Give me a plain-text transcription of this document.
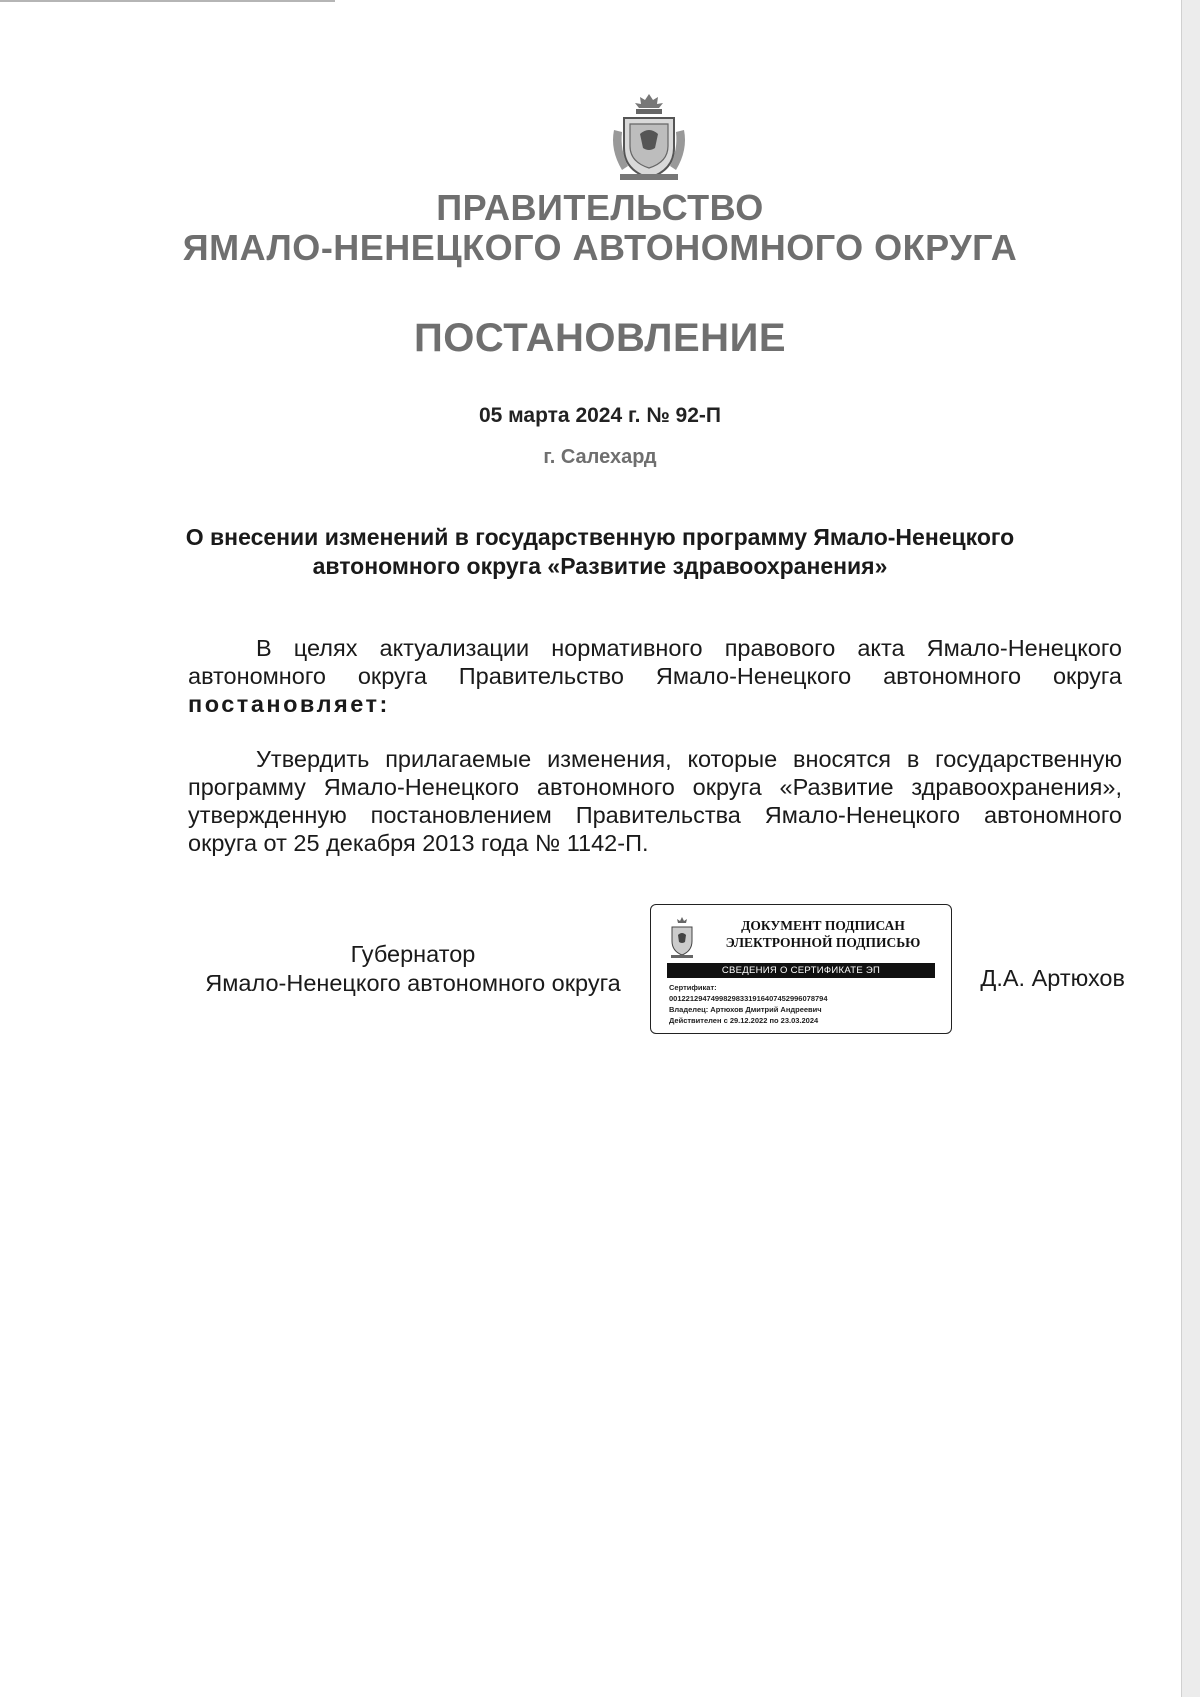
ПРАВИТЕЛЬСТВО
ЯМАЛО-НЕНЕЦКОГО АВТОНОМНОГО ОКРУГА
ПОСТАНОВЛЕНИЕ
05 марта 2024 г. № 92-П
г. Салехард
О внесении изменений в государственную программу Ямало-Ненецкого автономного округа «Развитие здравоохранения»
В целях актуализации нормативного правового акта Ямало-Ненецкого автономного округа Правительство Ямало-Ненецкого автономного округа постановляет:
Утвердить прилагаемые изменения, которые вносятся в государственную программу Ямало-Ненецкого автономного округа «Развитие здравоохранения», утвержденную постановлением Правительства Ямало-Ненецкого автономного округа от 25 декабря 2013 года № 1142-П.
Губернатор
Ямало-Ненецкого автономного округа
ДОКУМЕНТ ПОДПИСАН
ЭЛЕКТРОННОЙ ПОДПИСЬЮ
СВЕДЕНИЯ О СЕРТИФИКАТЕ ЭП
Сертификат:
00122129474998298331916407452996078794
Владелец: Артюхов Дмитрий Андреевич
Действителен с 29.12.2022 по 23.03.2024
Д.А. Артюхов
